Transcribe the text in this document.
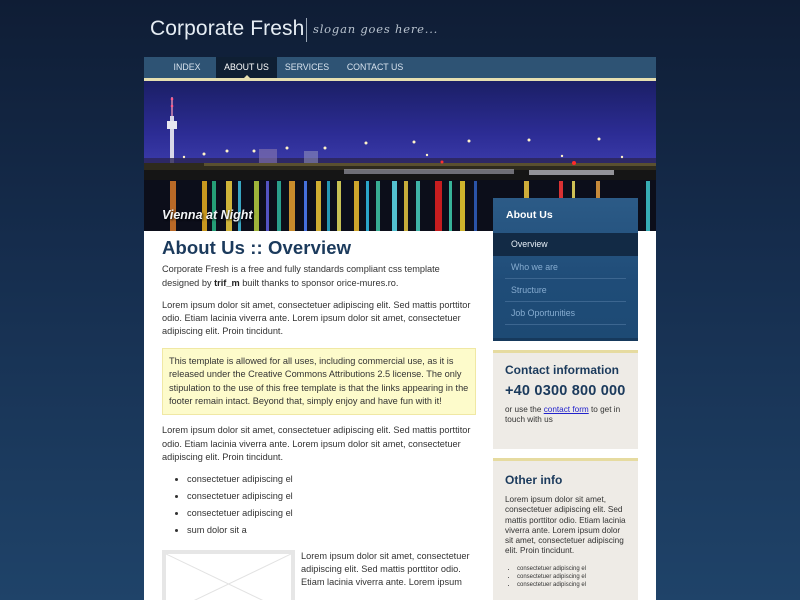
Corporate Fresh slogan goes here...
INDEX	ABOUT US	SERVICES	CONTACT US
Vienna at Night
About Us :: Overview

Corporate Fresh is a free and fully standards compliant css template designed by trif_m built thanks to sponsor orice-mures.ro.

Lorem ipsum dolor sit amet, consectetuer adipiscing elit. Sed mattis porttitor odio. Etiam lacinia viverra ante. Lorem ipsum dolor sit amet, consectetuer adipiscing elit. Proin tincidunt.

This template is allowed for all uses, including commercial use, as it is released under the Creative Commons Attributions 2.5 license. The only stipulation to the use of this free template is that the links appearing in the footer remain intact. Beyond that, simply enjoy and have fun with it!

Lorem ipsum dolor sit amet, consectetuer adipiscing elit. Sed mattis porttitor odio. Etiam lacinia viverra ante. Lorem ipsum dolor sit amet, consectetuer adipiscing elit. Proin tincidunt.

• consectetuer adipiscing el
• consectetuer adipiscing el
• consectetuer adipiscing el
• sum dolor sit a
Lorem ipsum dolor sit amet, consectetuer adipiscing elit. Sed mattis porttitor odio. Etiam lacinia viverra ante. Lorem ipsum
About Us
Overview
Who we are
Structure
Job Oportunities
Contact information
+40 0300 800 000
or use the contact form to get in touch with us
Other info
Lorem ipsum dolor sit amet, consectetuer adipiscing elit. Sed mattis porttitor odio. Etiam lacinia viverra ante. Lorem ipsum dolor sit amet, consectetuer adipiscing elit. Proin tincidunt.
• consectetuer adipiscing el
• consectetuer adipiscing el
• consectetuer adipiscing el
